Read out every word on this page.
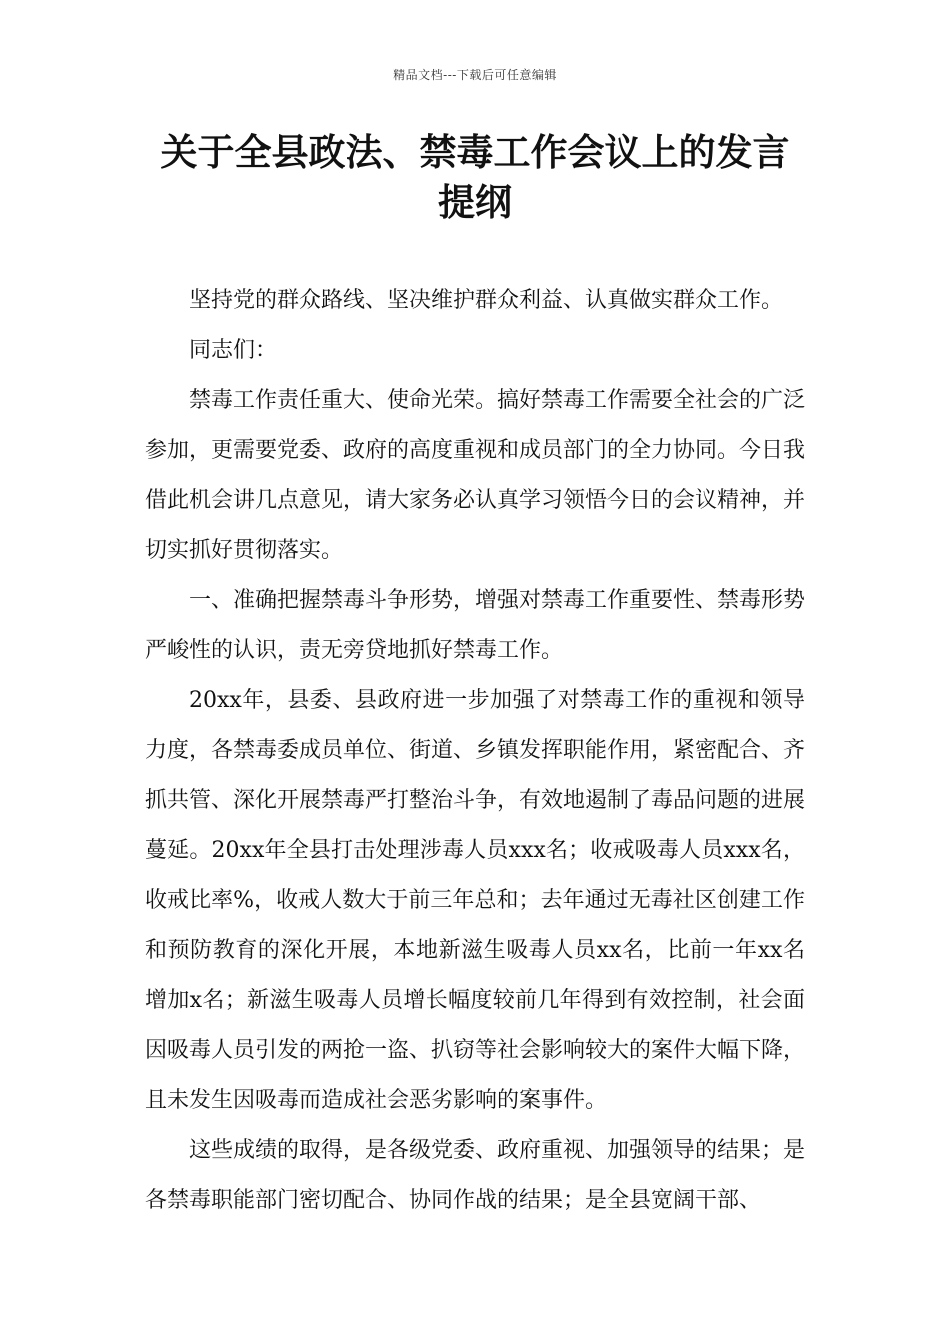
精品文档---下载后可任意编辑
关于全县政法、禁毒工作会议上的发言
提纲

坚持党的群众路线、坚决维护群众利益、认真做实群众工作。

同志们：

禁毒工作责任重大、使命光荣。搞好禁毒工作需要全社会的广泛参加，更需要党委、政府的高度重视和成员部门的全力协同。今日我借此机会讲几点意见，请大家务必认真学习领悟今日的会议精神，并切实抓好贯彻落实。

一、准确把握禁毒斗争形势，增强对禁毒工作重要性、禁毒形势严峻性的认识，责无旁贷地抓好禁毒工作。

20xx年，县委、县政府进一步加强了对禁毒工作的重视和领导力度，各禁毒委成员单位、街道、乡镇发挥职能作用，紧密配合、齐抓共管、深化开展禁毒严打整治斗争，有效地遏制了毒品问题的进展蔓延。20xx年全县打击处理涉毒人员xxx名；收戒吸毒人员xxx名，收戒比率%，收戒人数大于前三年总和；去年通过无毒社区创建工作和预防教育的深化开展，本地新滋生吸毒人员xx名，比前一年xx名增加x名；新滋生吸毒人员增长幅度较前几年得到有效控制，社会面因吸毒人员引发的两抢一盗、扒窃等社会影响较大的案件大幅下降，且未发生因吸毒而造成社会恶劣影响的案事件。

这些成绩的取得，是各级党委、政府重视、加强领导的结果；是各禁毒职能部门密切配合、协同作战的结果；是全县宽阔干部、
